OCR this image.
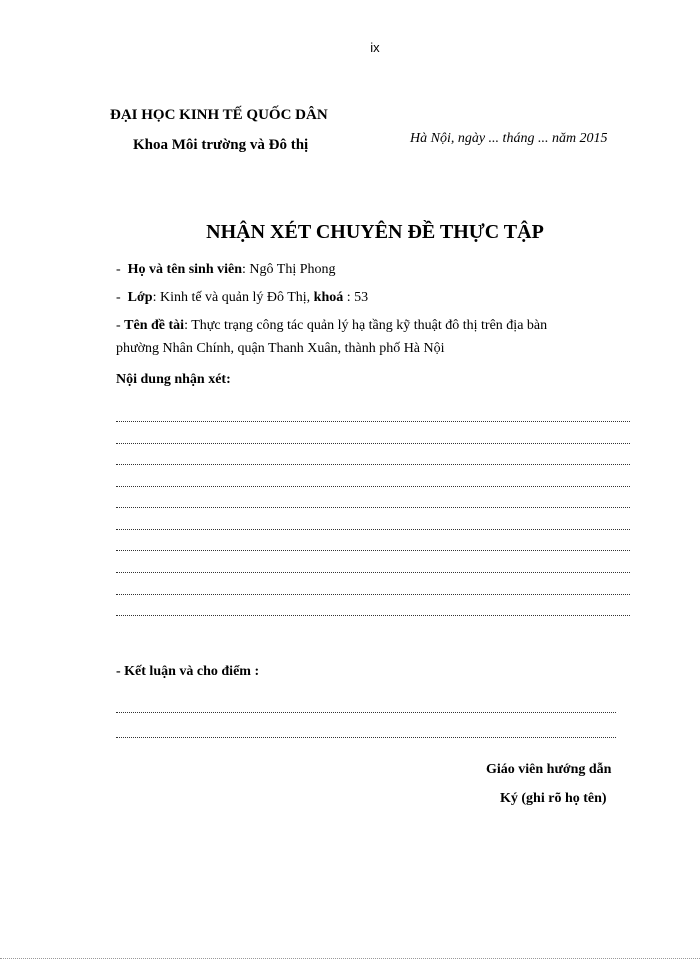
ix
ĐẠI HỌC KINH TẾ QUỐC DÂN
Khoa Môi trường và Đô thị	Hà Nội, ngày ... tháng ... năm 2015
NHẬN XÉT CHUYÊN ĐỀ THỰC TẬP
-  Họ và tên sinh viên: Ngô Thị Phong
-  Lớp: Kinh tế và quản lý Đô Thị, khoá : 53
- Tên đề tài: Thực trạng công tác quản lý hạ tầng kỹ thuật đô thị trên địa bàn
phường Nhân Chính, quận Thanh Xuân, thành phố Hà Nội
Nội dung nhận xét:
- Kết luận và cho điểm :
Giáo viên hướng dẫn
Ký (ghi rõ họ tên)
